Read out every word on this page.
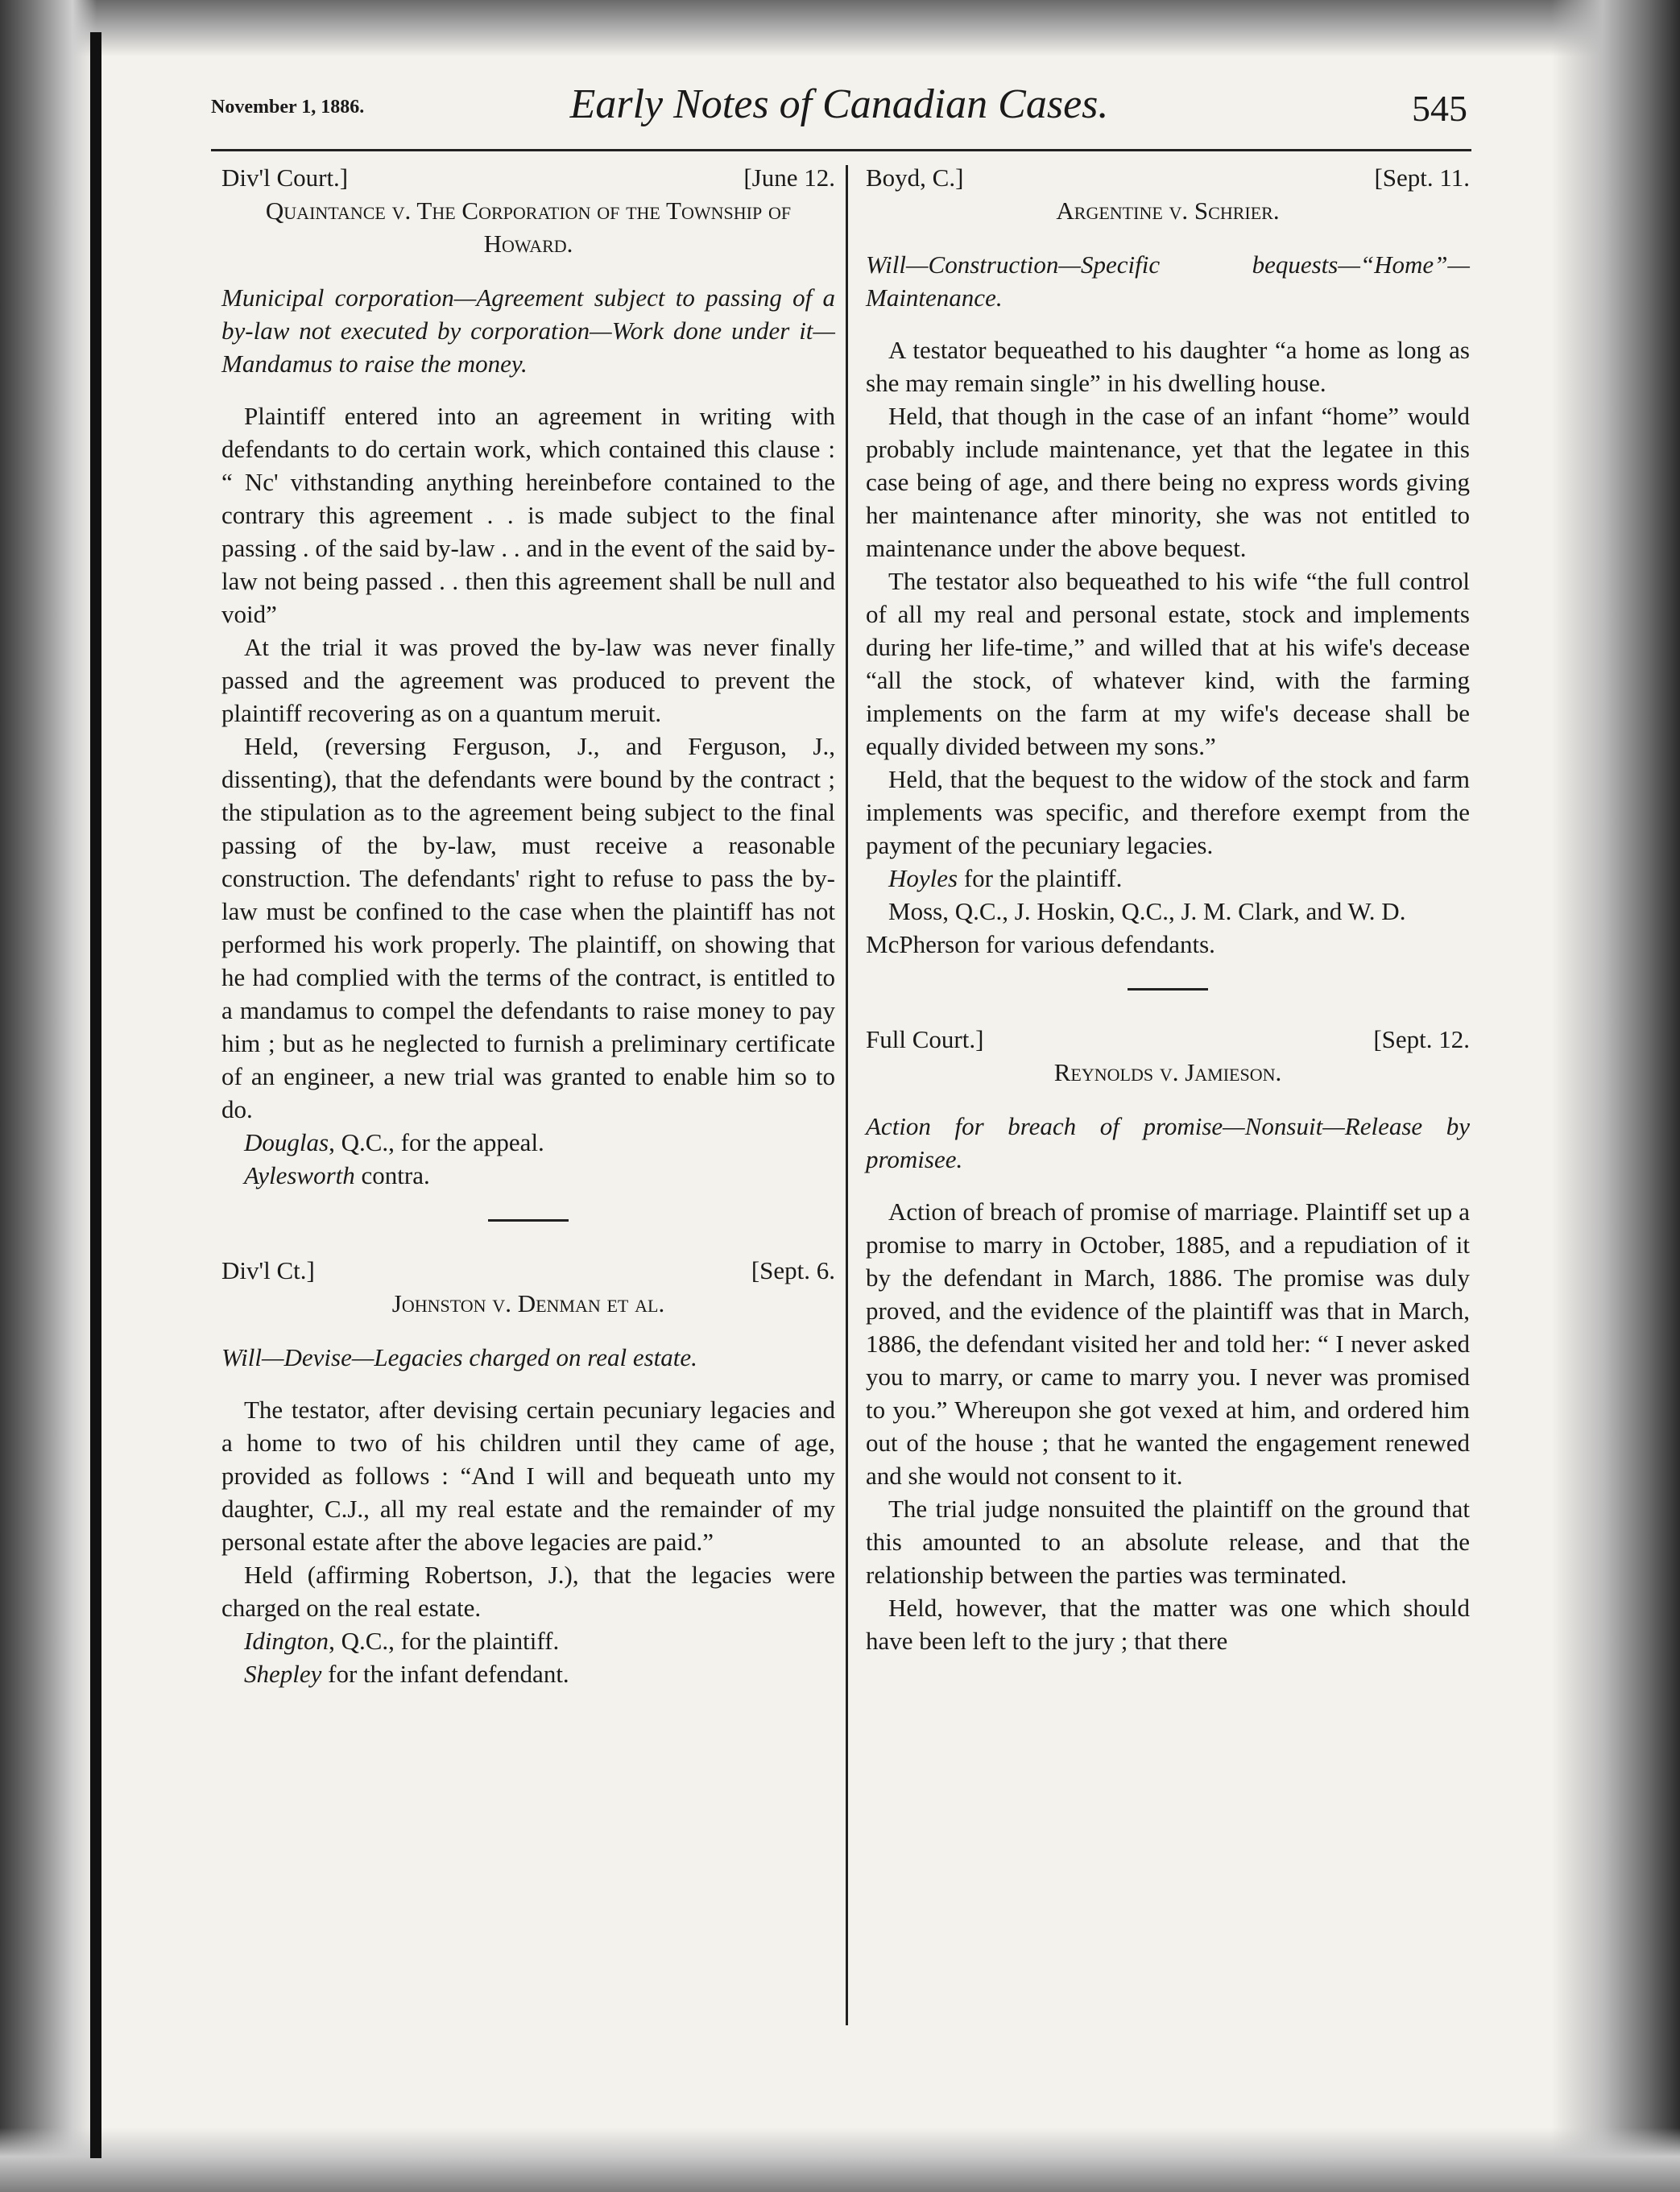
November 1, 1886.	Early Notes of Canadian Cases.	545
Div'l Court.]	[June 12.

Quaintance v. The Corporation of the Township of Howard.

Municipal corporation—Agreement subject to passing of a by-law not executed by corporation—Work done under it—Mandamus to raise the money.

Plaintiff entered into an agreement in writing with defendants to do certain work, which contained this clause : “ Nc' vithstanding anything hereinbefore contained to the contrary this agreement . . is made subject to the final passing . of the said by-law . . and in the event of the said by-law not being passed . . then this agreement shall be null and void”

At the trial it was proved the by-law was never finally passed and the agreement was produced to prevent the plaintiff recovering as on a quantum meruit.

Held, (reversing Ferguson, J., and Ferguson, J., dissenting), that the defendants were bound by the contract ; the stipulation as to the agreement being subject to the final passing of the by-law, must receive a reasonable construction. The defendants' right to refuse to pass the by-law must be confined to the case when the plaintiff has not performed his work properly. The plaintiff, on showing that he had complied with the terms of the contract, is entitled to a mandamus to compel the defendants to raise money to pay him ; but as he neglected to furnish a preliminary certificate of an engineer, a new trial was granted to enable him so to do.

Douglas, Q.C., for the appeal.

Aylesworth contra.

Div'l Ct.]	[Sept. 6.

Johnston v. Denman et al.

Will—Devise—Legacies charged on real estate.

The testator, after devising certain pecuniary legacies and a home to two of his children until they came of age, provided as follows : “And I will and bequeath unto my daughter, C.J., all my real estate and the remainder of my personal estate after the above legacies are paid.”

Held (affirming Robertson, J.), that the legacies were charged on the real estate.

Idington, Q.C., for the plaintiff.

Shepley for the infant defendant.

Boyd, C.]	[Sept. 11.

Argentine v. Schrier.

Will—Construction—Specific bequests—“Home”—Maintenance.

A testator bequeathed to his daughter “a home as long as she may remain single” in his dwelling house.

Held, that though in the case of an infant “home” would probably include maintenance, yet that the legatee in this case being of age, and there being no express words giving her maintenance after minority, she was not entitled to maintenance under the above bequest.

The testator also bequeathed to his wife “the full control of all my real and personal estate, stock and implements during her life-time,” and willed that at his wife's decease “all the stock, of whatever kind, with the farming implements on the farm at my wife's decease shall be equally divided between my sons.”

Held, that the bequest to the widow of the stock and farm implements was specific, and therefore exempt from the payment of the pecuniary legacies.

Hoyles for the plaintiff.

Moss, Q.C., J. Hoskin, Q.C., J. M. Clark, and W. D. McPherson for various defendants.

Full Court.]	[Sept. 12.

Reynolds v. Jamieson.

Action for breach of promise—Nonsuit—Release by promisee.

Action of breach of promise of marriage. Plaintiff set up a promise to marry in October, 1885, and a repudiation of it by the defendant in March, 1886. The promise was duly proved, and the evidence of the plaintiff was that in March, 1886, the defendant visited her and told her: “ I never asked you to marry, or came to marry you. I never was promised to you.” Whereupon she got vexed at him, and ordered him out of the house ; that he wanted the engagement renewed and she would not consent to it.

The trial judge nonsuited the plaintiff on the ground that this amounted to an absolute release, and that the relationship between the parties was terminated.

Held, however, that the matter was one which should have been left to the jury ; that there
